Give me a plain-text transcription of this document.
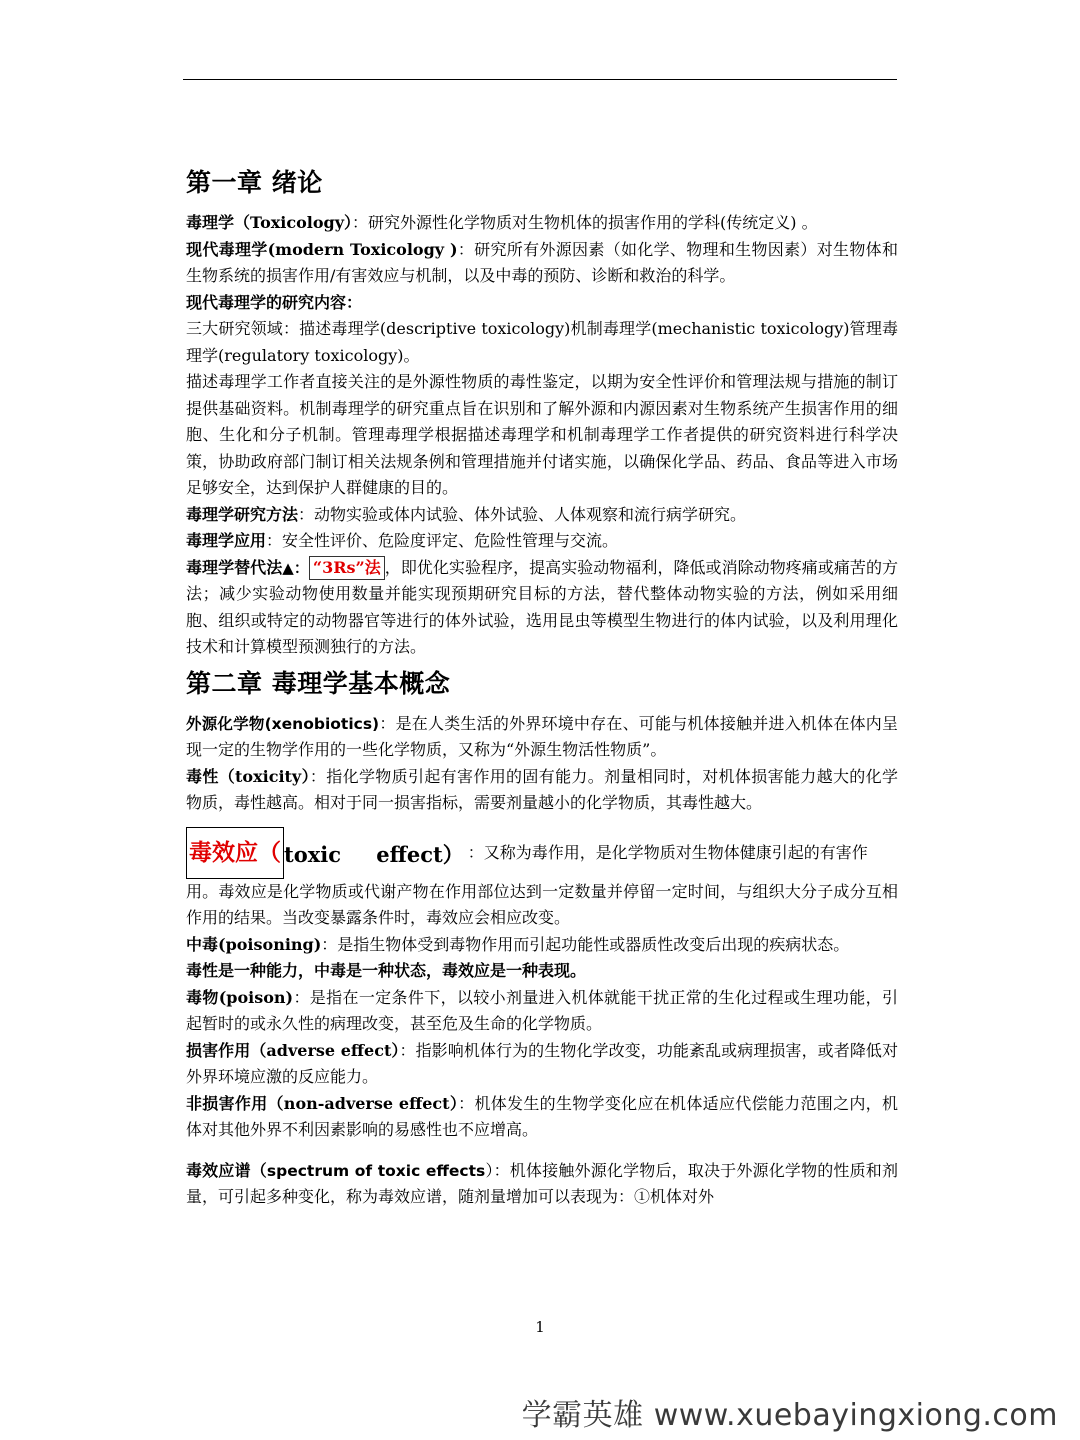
第一章 绪论

毒理学（Toxicology）：研究外源性化学物质对生物机体的损害作用的学科(传统定义) 。

现代毒理学(modern Toxicology )：研究所有外源因素（如化学、物理和生物因素）对生物体和生物系统的损害作用/有害效应与机制，以及中毒的预防、诊断和救治的科学。

现代毒理学的研究内容：

三大研究领域：描述毒理学(descriptive toxicology)机制毒理学(mechanistic toxicology)管理毒理学(regulatory toxicology)。

描述毒理学工作者直接关注的是外源性物质的毒性鉴定，以期为安全性评价和管理法规与措施的制订提供基础资料。机制毒理学的研究重点旨在识别和了解外源和内源因素对生物系统产生损害作用的细胞、生化和分子机制。管理毒理学根据描述毒理学和机制毒理学工作者提供的研究资料进行科学决策，协助政府部门制订相关法规条例和管理措施并付诸实施，以确保化学品、药品、食品等进入市场足够安全，达到保护人群健康的目的。

毒理学研究方法：动物实验或体内试验、体外试验、人体观察和流行病学研究。

毒理学应用：安全性评价、危险度评定、危险性管理与交流。

毒理学替代法▲： “3Rs”法 ，即优化实验程序，提高实验动物福利，降低或消除动物疼痛或痛苦的方法；减少实验动物使用数量并能实现预期研究目标的方法，替代整体动物实验的方法，例如采用细胞、组织或特定的动物器官等进行的体外试验，选用昆虫等模型生物进行的体内试验，以及利用理化技术和计算模型预测独行的方法。

第二章 毒理学基本概念

外源化学物(xenobiotics)：是在人类生活的外界环境中存在、可能与机体接触并进入机体在体内呈现一定的生物学作用的一些化学物质，又称为“外源生物活性物质”。

毒性（toxicity）：指化学物质引起有害作用的固有能力。剂量相同时，对机体损害能力越大的化学物质，毒性越高。相对于同一损害指标，需要剂量越小的化学物质，其毒性越大。

毒效应（ toxic effect） ：又称为毒作用，是化学物质对生物体健康引起的有害作

用。毒效应是化学物质或代谢产物在作用部位达到一定数量并停留一定时间，与组织大分子成分互相作用的结果。当改变暴露条件时，毒效应会相应改变。

中毒(poisoning)：是指生物体受到毒物作用而引起功能性或器质性改变后出现的疾病状态。

毒性是一种能力，中毒是一种状态，毒效应是一种表现。

毒物(poison)：是指在一定条件下，以较小剂量进入机体就能干扰正常的生化过程或生理功能，引起暂时的或永久性的病理改变，甚至危及生命的化学物质。

损害作用（adverse effect）：指影响机体行为的生物化学改变，功能紊乱或病理损害，或者降低对外界环境应激的反应能力。

非损害作用（non-adverse effect）：机体发生的生物学变化应在机体适应代偿能力范围之内，机体对其他外界不利因素影响的易感性也不应增高。

毒效应谱（spectrum of toxic effects）：机体接触外源化学物后，取决于外源化学物的性质和剂量，可引起多种变化，称为毒效应谱，随剂量增加可以表现为：①机体对外

1
学霸英雄 www.xuebayingxiong.com
